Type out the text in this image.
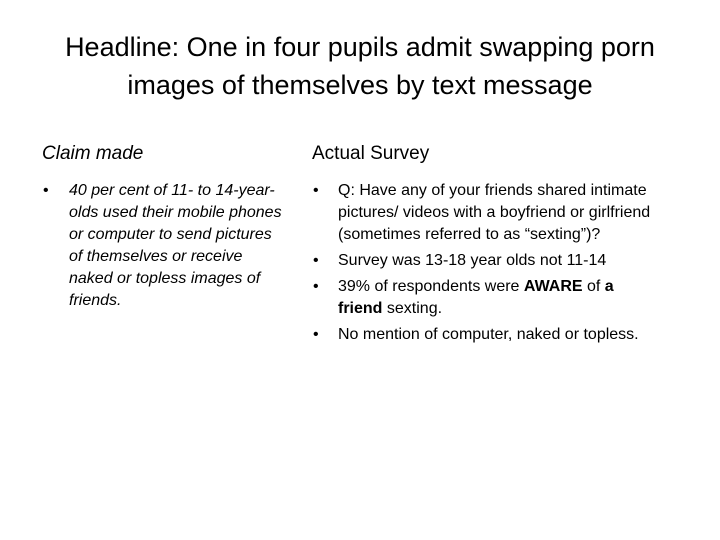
Headline: One in four pupils admit swapping porn images of themselves by text message
Claim made
• 40 per cent of 11- to 14-year-olds used their mobile phones or computer to send pictures of themselves or receive naked or topless images of friends.
Actual Survey
• Q: Have any of your friends shared intimate pictures/ videos with a boyfriend or girlfriend (sometimes referred to as “sexting”)?
• Survey was 13-18 year olds not 11-14
• 39% of respondents were AWARE of a friend sexting.
• No mention of computer, naked or topless.
